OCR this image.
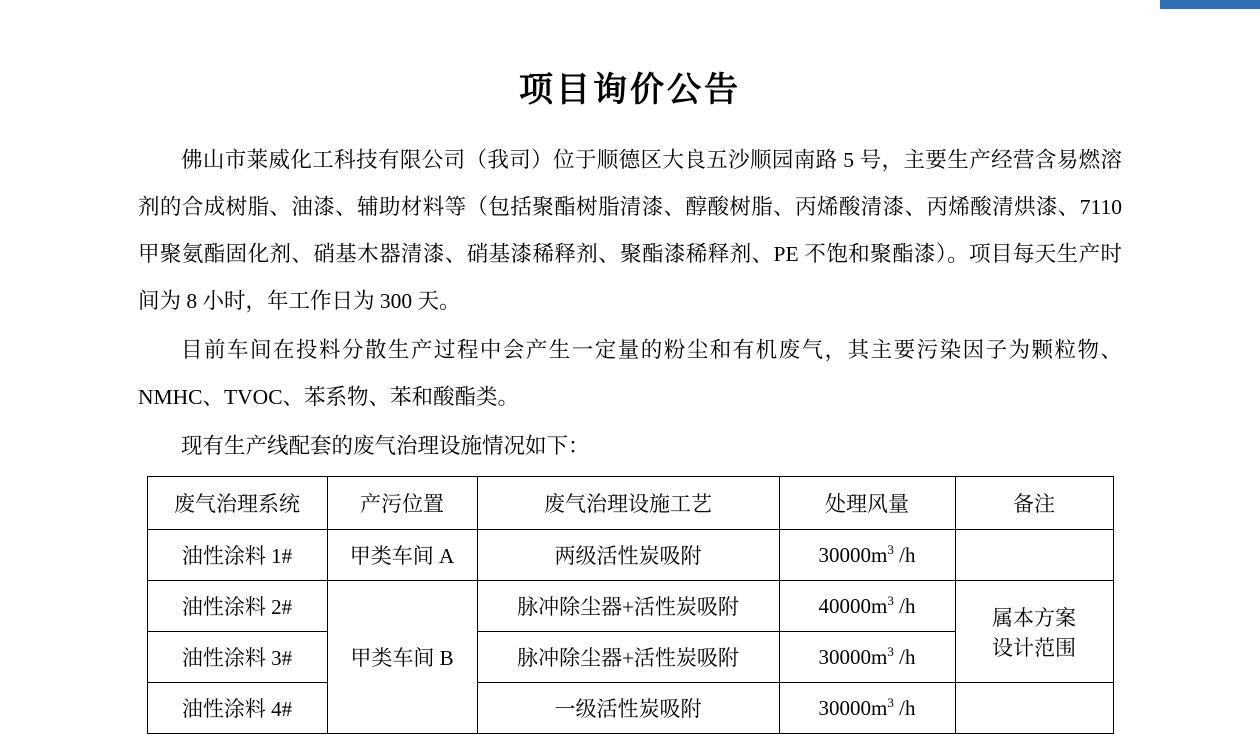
项目询价公告

佛山市莱威化工科技有限公司（我司）位于顺德区大良五沙顺园南路 5 号，主要生产经营含易燃溶剂的合成树脂、油漆、辅助材料等（包括聚酯树脂清漆、醇酸树脂、丙烯酸清漆、丙烯酸清烘漆、7110 甲聚氨酯固化剂、硝基木器清漆、硝基漆稀释剂、聚酯漆稀释剂、PE 不饱和聚酯漆）。项目每天生产时间为 8 小时，年工作日为 300 天。

目前车间在投料分散生产过程中会产生一定量的粉尘和有机废气，其主要污染因子为颗粒物、NMHC、TVOC、苯系物、苯和酸酯类。

现有生产线配套的废气治理设施情况如下：

废气治理系统	产污位置	废气治理设施工艺	处理风量	备注
油性涂料 1#	甲类车间 A	两级活性炭吸附	$30000m^3$ /h	
油性涂料 2#	甲类车间 B	脉冲除尘器+活性炭吸附	$40000m^3$ /h	属本方案
设计范围

油性涂料 3#		脉冲除尘器+活性炭吸附	$30000m^3$ /h	
油性涂料 4#		一级活性炭吸附	$30000m^3$ /h	
